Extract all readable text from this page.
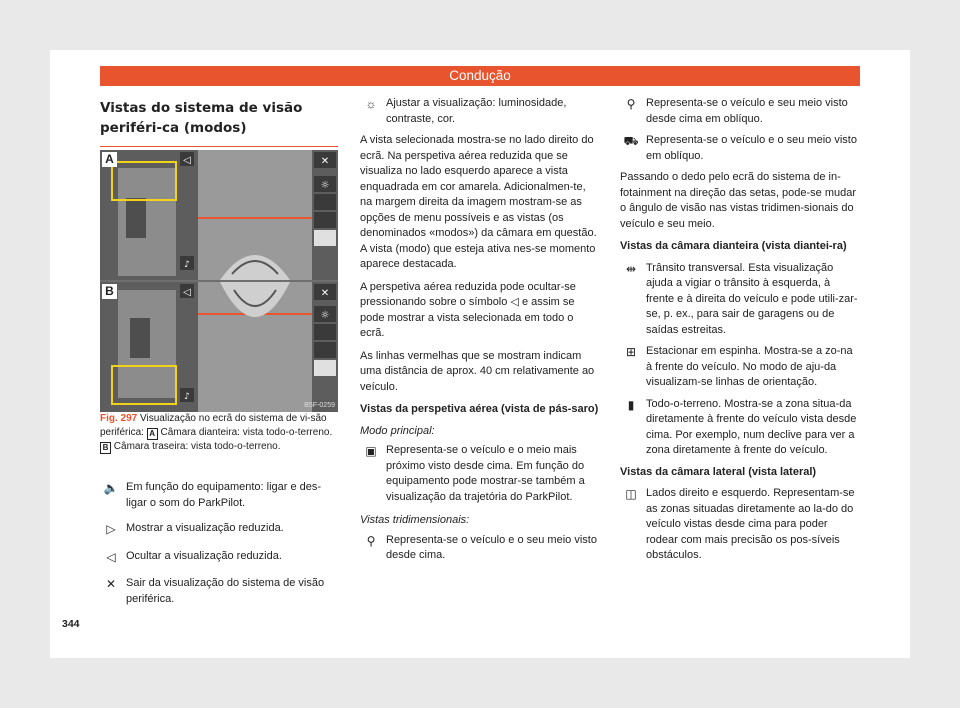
Condução
Vistas do sistema de visão periféri-ca (modos)
◁
♪
✕
☼
A
◁
♪
✕
☼
B
B5F-0259
Fig. 297 Visualização no ecrã do sistema de vi-são periférica: A Câmara dianteira: vista todo-o-terreno. B Câmara traseira: vista todo-o-terreno.
🔈 Em função do equipamento: ligar e des-ligar o som do ParkPilot.
▷ Mostrar a visualização reduzida.
◁ Ocultar a visualização reduzida.
✕ Sair da visualização do sistema de visão periférica.
☼ Ajustar a visualização: luminosidade, contraste, cor.

A vista selecionada mostra-se no lado direito do ecrã. Na perspetiva aérea reduzida que se visualiza no lado esquerdo aparece a vista enquadrada em cor amarela. Adicionalmen-te, na margem direita da imagem mostram-se as opções de menu possíveis e as vistas (os denominados «modos») da câmara em questão. A vista (modo) que esteja ativa nes-se momento aparece destacada.

A perspetiva aérea reduzida pode ocultar-se pressionando sobre o símbolo ◁ e assim se pode mostrar a vista selecionada em todo o ecrã.

As linhas vermelhas que se mostram indicam uma distância de aprox. 40 cm relativamente ao veículo.

Vistas da perspetiva aérea (vista de pás-saro)
Modo principal:
▣ Representa-se o veículo e o meio mais próximo visto desde cima. Em função do equipamento pode mostrar-se também a visualização da trajetória do ParkPilot.
Vistas tridimensionais:
⚲ Representa-se o veículo e o seu meio visto desde cima.
⚲ Representa-se o veículo e seu meio visto desde cima em oblíquo.
⛟ Representa-se o veículo e o seu meio visto em oblíquo.

Passando o dedo pelo ecrã do sistema de in-fotainment na direção das setas, pode-se mudar o ângulo de visão nas vistas tridimen-sionais do veículo e seu meio.

Vistas da câmara dianteira (vista diantei-ra)
⇹ Trânsito transversal. Esta visualização ajuda a vigiar o trânsito à esquerda, à frente e à direita do veículo e pode utili-zar-se, p. ex., para sair de garagens ou de saídas estreitas.
⊞ Estacionar em espinha. Mostra-se a zo-na à frente do veículo. No modo de aju-da visualizam-se linhas de orientação.
▮	Todo-o-terreno. Mostra-se a zona situa-da diretamente à frente do veículo vista desde cima. Por exemplo, num declive para ver a zona diretamente à frente do veículo.
Vistas da câmara lateral (vista lateral)
◫ Lados direito e esquerdo. Representam-se as zonas situadas diretamente ao la-do do veículo vistas desde cima para poder rodear com mais precisão os pos-síveis obstáculos.
344
